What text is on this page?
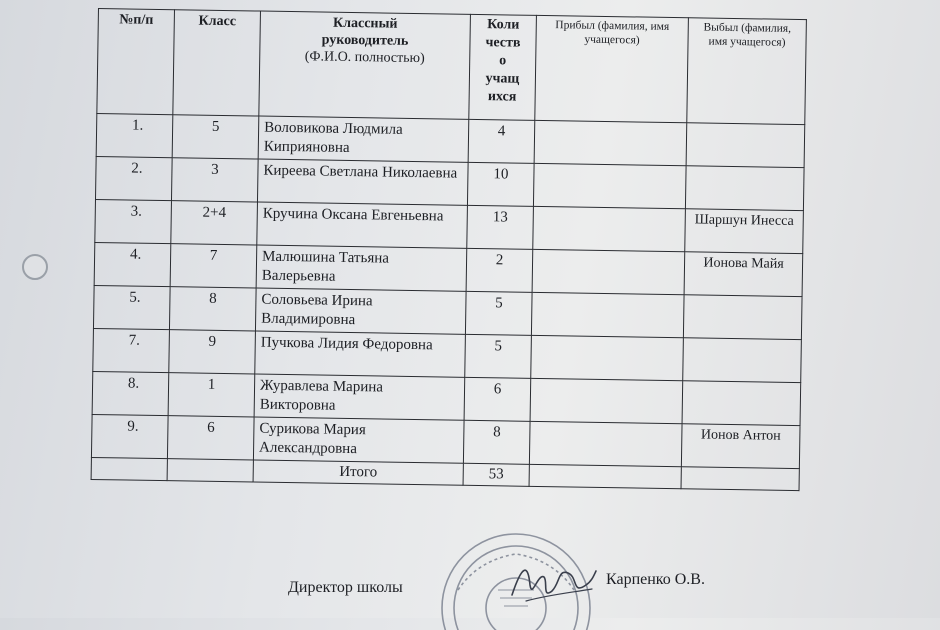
№п/п	Класс	Классный
руководитель
(Ф.И.О. полностью)	Коли
честв
о
учащ
ихся	Прибыл (фамилия, имя учащегося)	Выбыл (фамилия, имя учащегося)
1.	5	Воловикова Людмила Киприяновна	4		
2.	3	Киреева Светлана Николаевна	10		
3.	2+4	Кручина Оксана Евгеньевна	13		Шаршун Инесса
4.	7	Малюшина Татьяна Валерьевна	2		Ионова Майя
5.	8	Соловьева Ирина Владимировна	5		
7.	9	Пучкова Лидия Федоровна	5		
8.	1	Журавлева Марина Викторовна	6		
9.	6	Сурикова Мария Александровна	8		Ионов Антон
		Итого	53		
Директор школы	Карпенко О.В.
